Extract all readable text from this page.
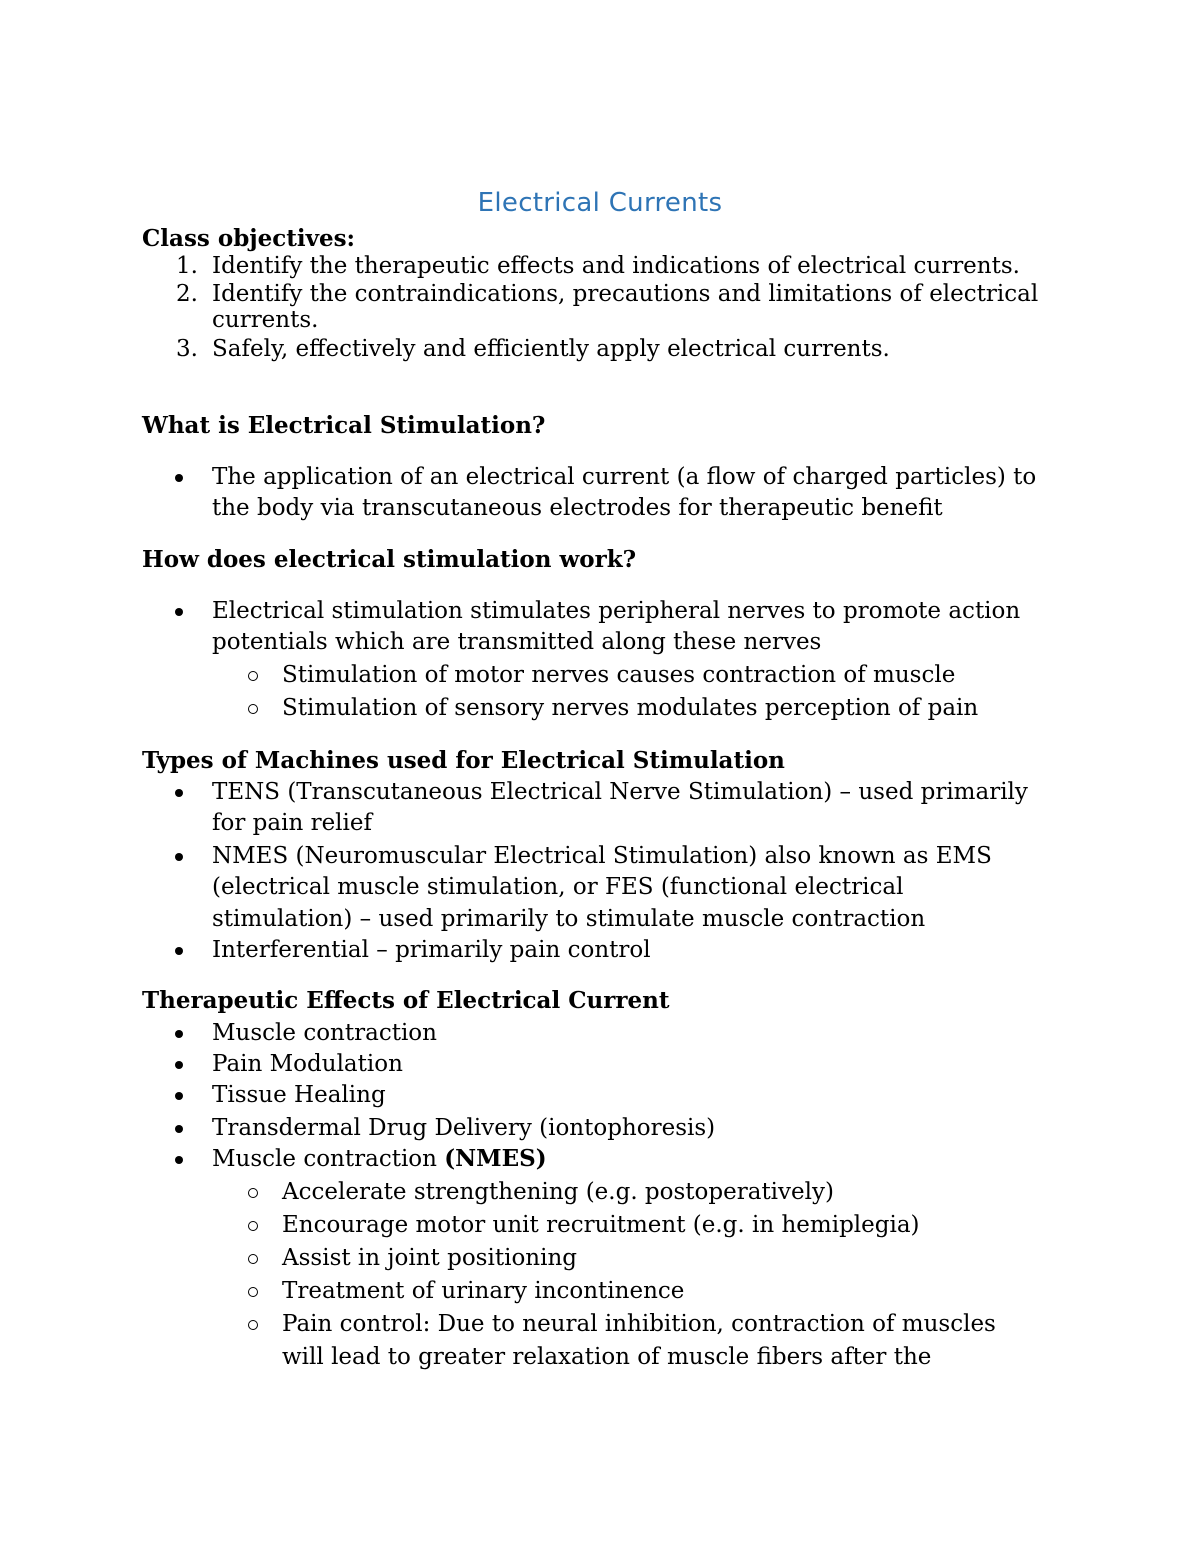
Electrical Currents
Class objectives:
1. Identify the therapeutic effects and indications of electrical currents.
2. Identify the contraindications, precautions and limitations of electrical
currents.
3. Safely, effectively and efficiently apply electrical currents.
What is Electrical Stimulation?
The application of an electrical current (a flow of charged particles) to
the body via transcutaneous electrodes for therapeutic benefit
How does electrical stimulation work?
Electrical stimulation stimulates peripheral nerves to promote action
potentials which are transmitted along these nerves
Stimulation of motor nerves causes contraction of muscle
Stimulation of sensory nerves modulates perception of pain
Types of Machines used for Electrical Stimulation
TENS (Transcutaneous Electrical Nerve Stimulation) – used primarily
for pain relief
NMES (Neuromuscular Electrical Stimulation) also known as EMS
(electrical muscle stimulation, or FES (functional electrical
stimulation) – used primarily to stimulate muscle contraction
Interferential – primarily pain control
Therapeutic Effects of Electrical Current
Muscle contraction
Pain Modulation
Tissue Healing
Transdermal Drug Delivery (iontophoresis)
Muscle contraction (NMES)
Accelerate strengthening (e.g. postoperatively)
Encourage motor unit recruitment (e.g. in hemiplegia)
Assist in joint positioning
Treatment of urinary incontinence
Pain control: Due to neural inhibition, contraction of muscles
will lead to greater relaxation of muscle fibers after the
